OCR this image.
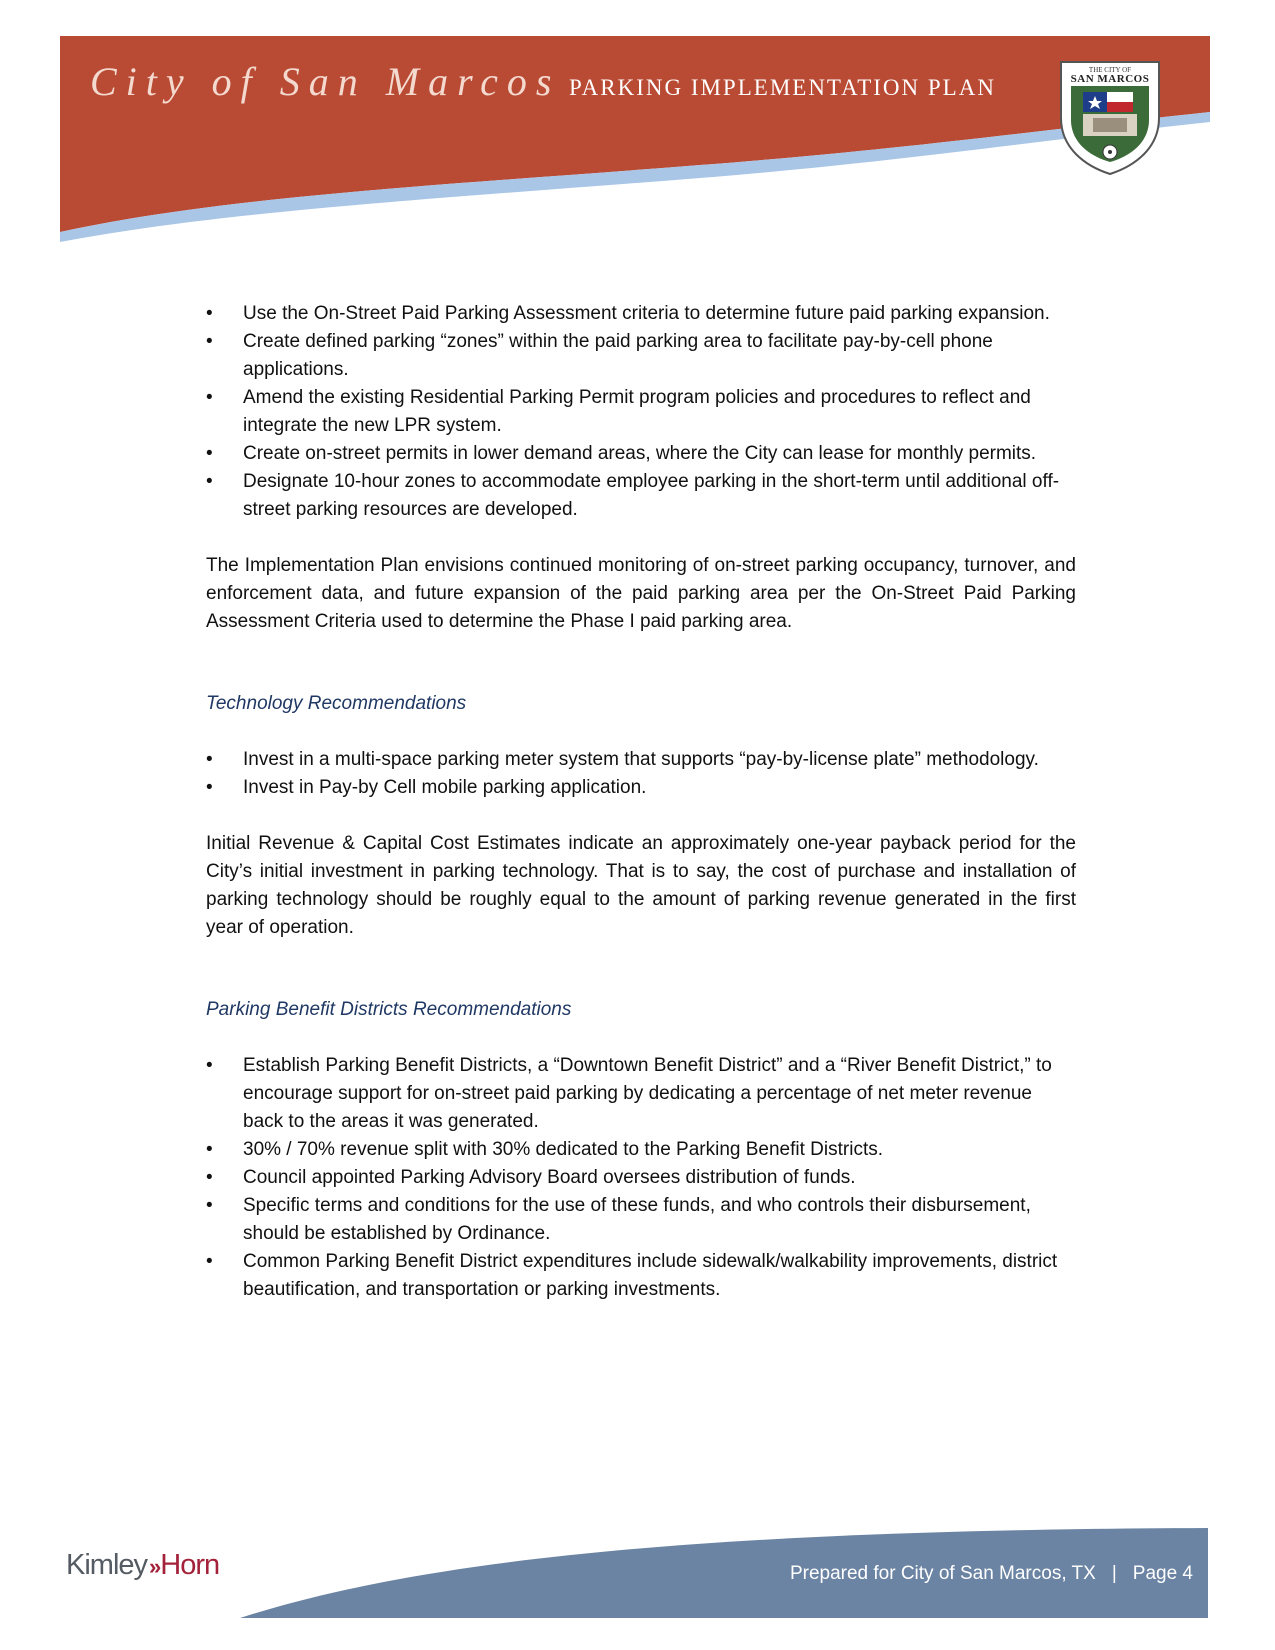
City of San Marcos PARKING IMPLEMENTATION PLAN
THE CITY OF
SAN MARCOS
• Use the On-Street Paid Parking Assessment criteria to determine future paid parking expansion.
• Create defined parking “zones” within the paid parking area to facilitate pay-by-cell phone applications.
• Amend the existing Residential Parking Permit program policies and procedures to reflect and integrate the new LPR system.
• Create on-street permits in lower demand areas, where the City can lease for monthly permits.
• Designate 10-hour zones to accommodate employee parking in the short-term until additional off-street parking resources are developed.

The Implementation Plan envisions continued monitoring of on-street parking occupancy, turnover, and enforcement data, and future expansion of the paid parking area per the On-Street Paid Parking Assessment Criteria used to determine the Phase I paid parking area.

Technology Recommendations
• Invest in a multi-space parking meter system that supports “pay-by-license plate” methodology.
• Invest in Pay-by Cell mobile parking application.

Initial Revenue & Capital Cost Estimates indicate an approximately one-year payback period for the City’s initial investment in parking technology. That is to say, the cost of purchase and installation of parking technology should be roughly equal to the amount of parking revenue generated in the first year of operation.

Parking Benefit Districts Recommendations
• Establish Parking Benefit Districts, a “Downtown Benefit District” and a “River Benefit District,” to encourage support for on-street paid parking by dedicating a percentage of net meter revenue back to the areas it was generated.
• 30% / 70% revenue split with 30% dedicated to the Parking Benefit Districts.
• Council appointed Parking Advisory Board oversees distribution of funds.
• Specific terms and conditions for the use of these funds, and who controls their disbursement, should be established by Ordinance.
• Common Parking Benefit District expenditures include sidewalk/walkability improvements, district beautification, and transportation or parking investments.
Kimley»Horn	Prepared for City of San Marcos, TX | Page 4
